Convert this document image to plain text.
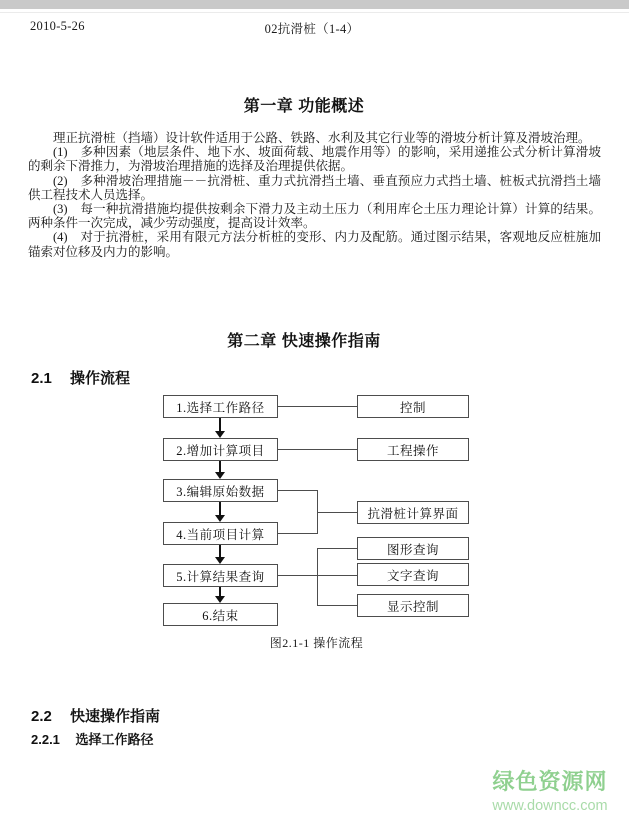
2010-5-26	02抗滑桩（1-4）
第一章 功能概述

理正抗滑桩（挡墙）设计软件适用于公路、铁路、水利及其它行业等的滑坡分析计算及滑坡治理。

(1)　多种因素（地层条件、地下水、坡面荷载、地震作用等）的影响，采用递推公式分析计算滑坡的剩余下滑推力，为滑坡治理措施的选择及治理提供依据。

(2)　多种滑坡治理措施－－抗滑桩、重力式抗滑挡土墙、垂直预应力式挡土墙、桩板式抗滑挡土墙供工程技术人员选择。

(3)　每一种抗滑措施均提供按剩余下滑力及主动土压力（利用库仑土压力理论计算）计算的结果。两种条件一次完成，减少劳动强度，提高设计效率。

(4)　对于抗滑桩，采用有限元方法分析桩的变形、内力及配筋。通过图示结果，客观地反应桩施加锚索对位移及内力的影响。

第二章 快速操作指南
2.1 操作流程
1.选择工作路径
2.增加计算项目
3.编辑原始数据
4.当前项目计算
5.计算结果查询
6.结束
控制
工程操作
抗滑桩计算界面
图形查询
文字查询
显示控制
图2.1-1 操作流程
2.2 快速操作指南
2.2.1 选择工作路径
绿色资源网
www.downcc.com
